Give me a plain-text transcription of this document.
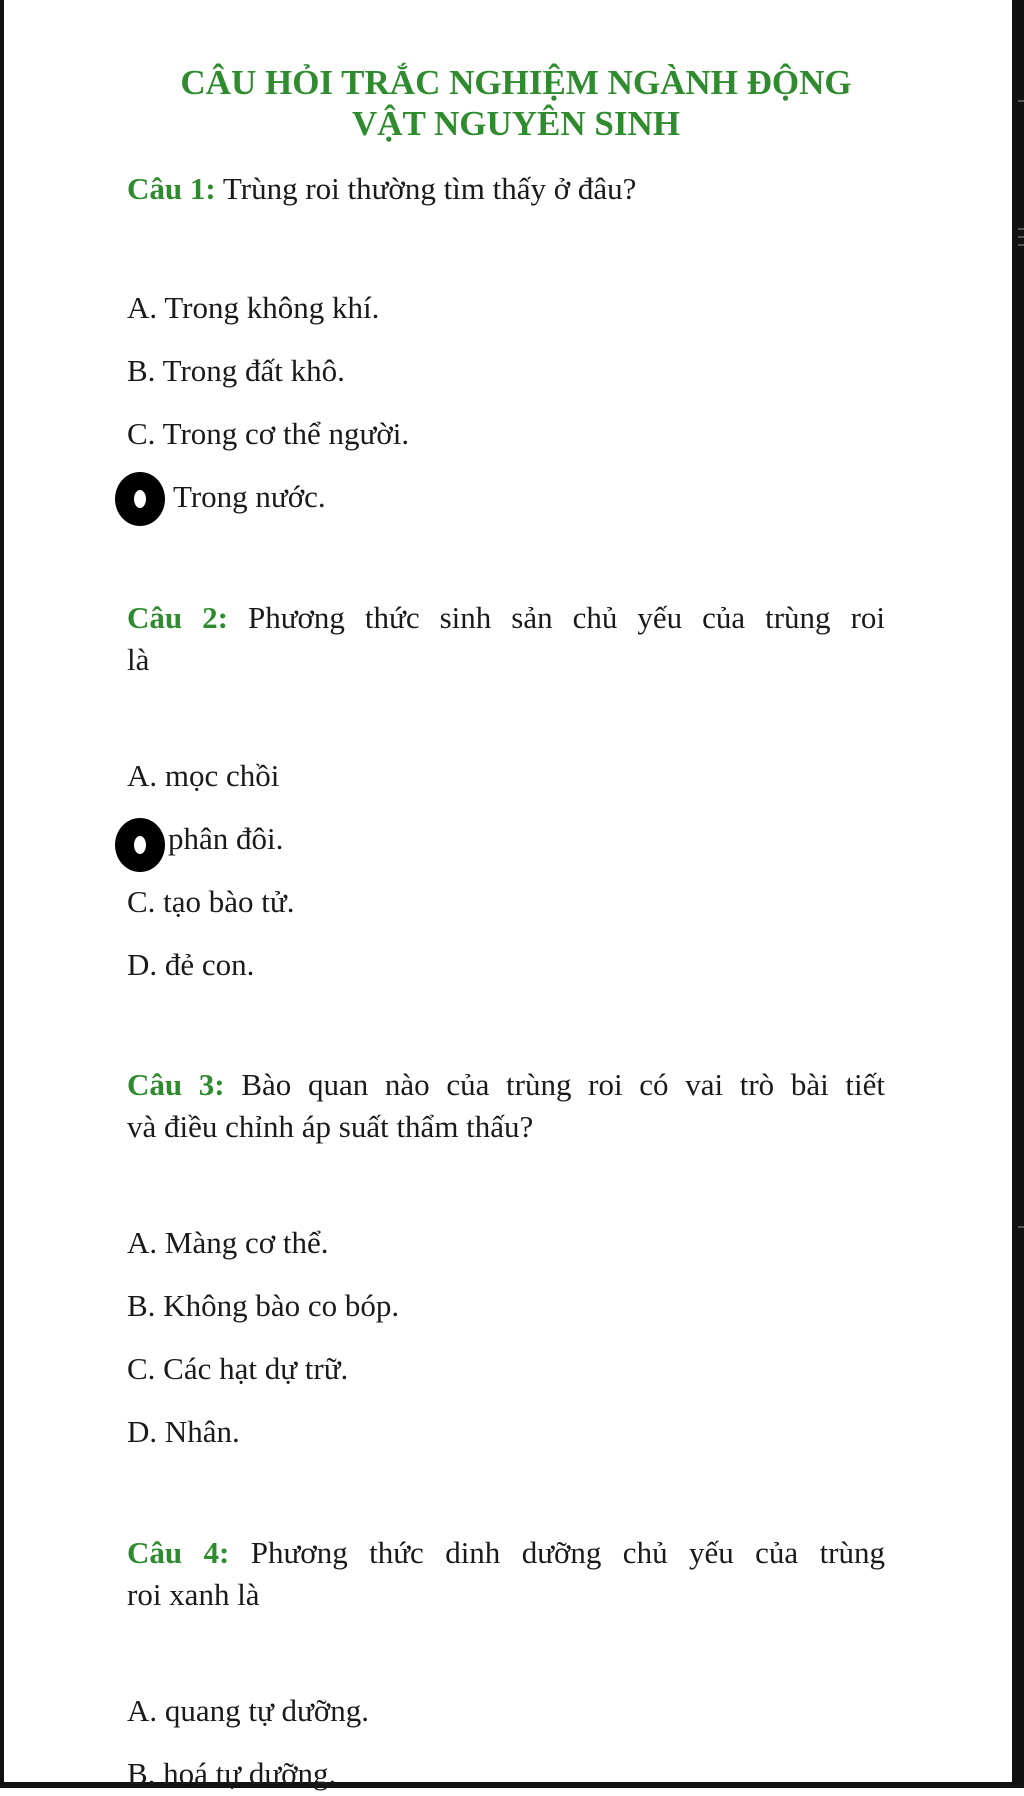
CÂU HỎI TRẮC NGHIỆM NGÀNH ĐỘNG
VẬT NGUYÊN SINH
Câu 1: Trùng roi thường tìm thấy ở đâu?
A. Trong không khí.
B. Trong đất khô.
C. Trong cơ thể người.
Trong nước.
Câu 2: Phương thức sinh sản chủ yếu của trùng roi
là
A. mọc chồi
phân đôi.
C. tạo bào tử.
D. đẻ con.
Câu 3: Bào quan nào của trùng roi có vai trò bài tiết
và điều chỉnh áp suất thẩm thấu?
A. Màng cơ thể.
B. Không bào co bóp.
C. Các hạt dự trữ.
D. Nhân.
Câu 4: Phương thức dinh dưỡng chủ yếu của trùng
roi xanh là
A. quang tự dưỡng.
B. hoá tự dưỡng.
